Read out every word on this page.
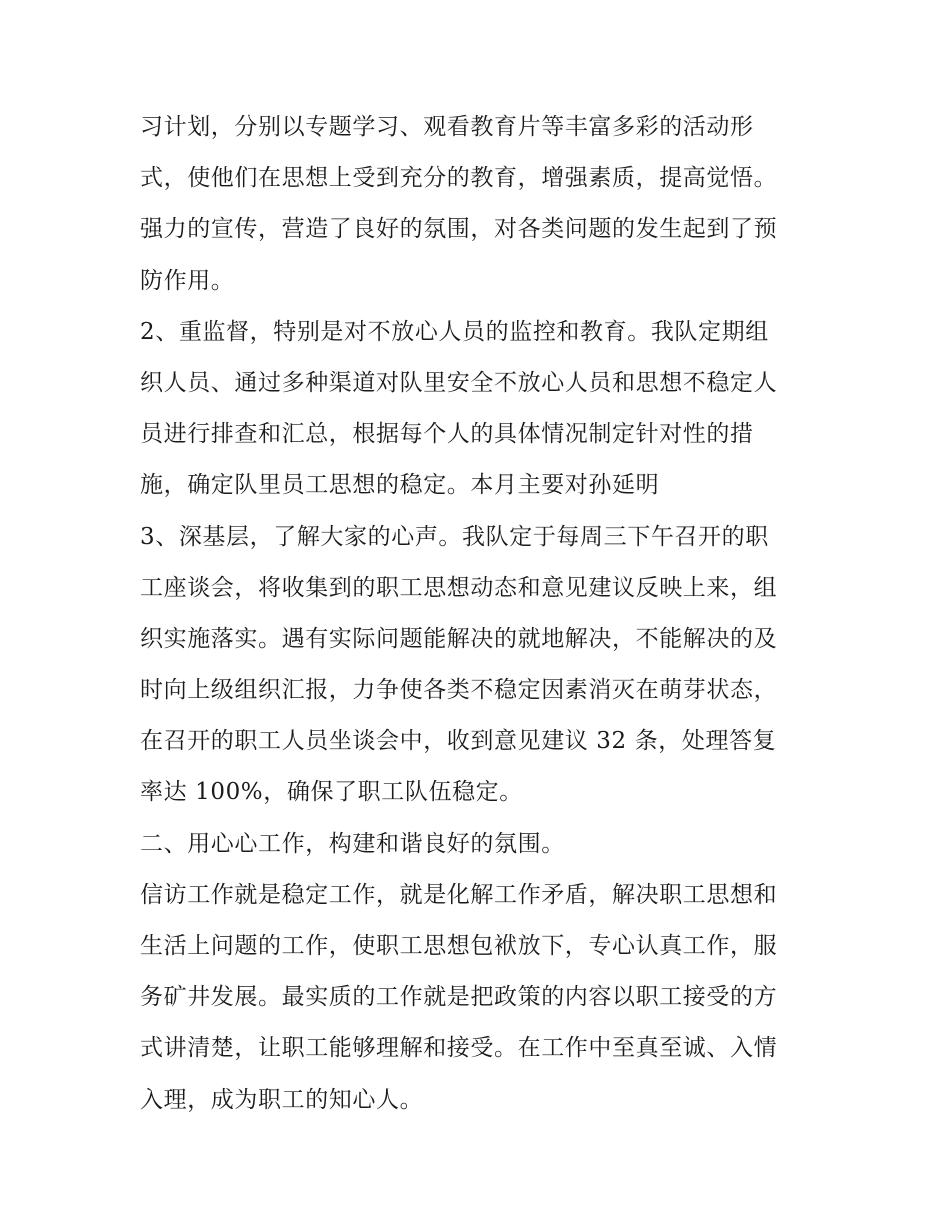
习计划，分别以专题学习、观看教育片等丰富多彩的活动形

式，使他们在思想上受到充分的教育，增强素质，提高觉悟。

强力的宣传，营造了良好的氛围，对各类问题的发生起到了预

防作用。

2、重监督，特别是对不放心人员的监控和教育。我队定期组

织人员、通过多种渠道对队里安全不放心人员和思想不稳定人

员进行排查和汇总，根据每个人的具体情况制定针对性的措

施，确定队里员工思想的稳定。本月主要对孙延明

3、深基层，了解大家的心声。我队定于每周三下午召开的职

工座谈会，将收集到的职工思想动态和意见建议反映上来，组

织实施落实。遇有实际问题能解决的就地解决，不能解决的及

时向上级组织汇报，力争使各类不稳定因素消灭在萌芽状态，

在召开的职工人员坐谈会中，收到意见建议 32 条，处理答复

率达 100%，确保了职工队伍稳定。

二、用心心工作，构建和谐良好的氛围。

信访工作就是稳定工作，就是化解工作矛盾，解决职工思想和

生活上问题的工作，使职工思想包袱放下，专心认真工作，服

务矿井发展。最实质的工作就是把政策的内容以职工接受的方

式讲清楚，让职工能够理解和接受。在工作中至真至诚、入情

入理，成为职工的知心人。
